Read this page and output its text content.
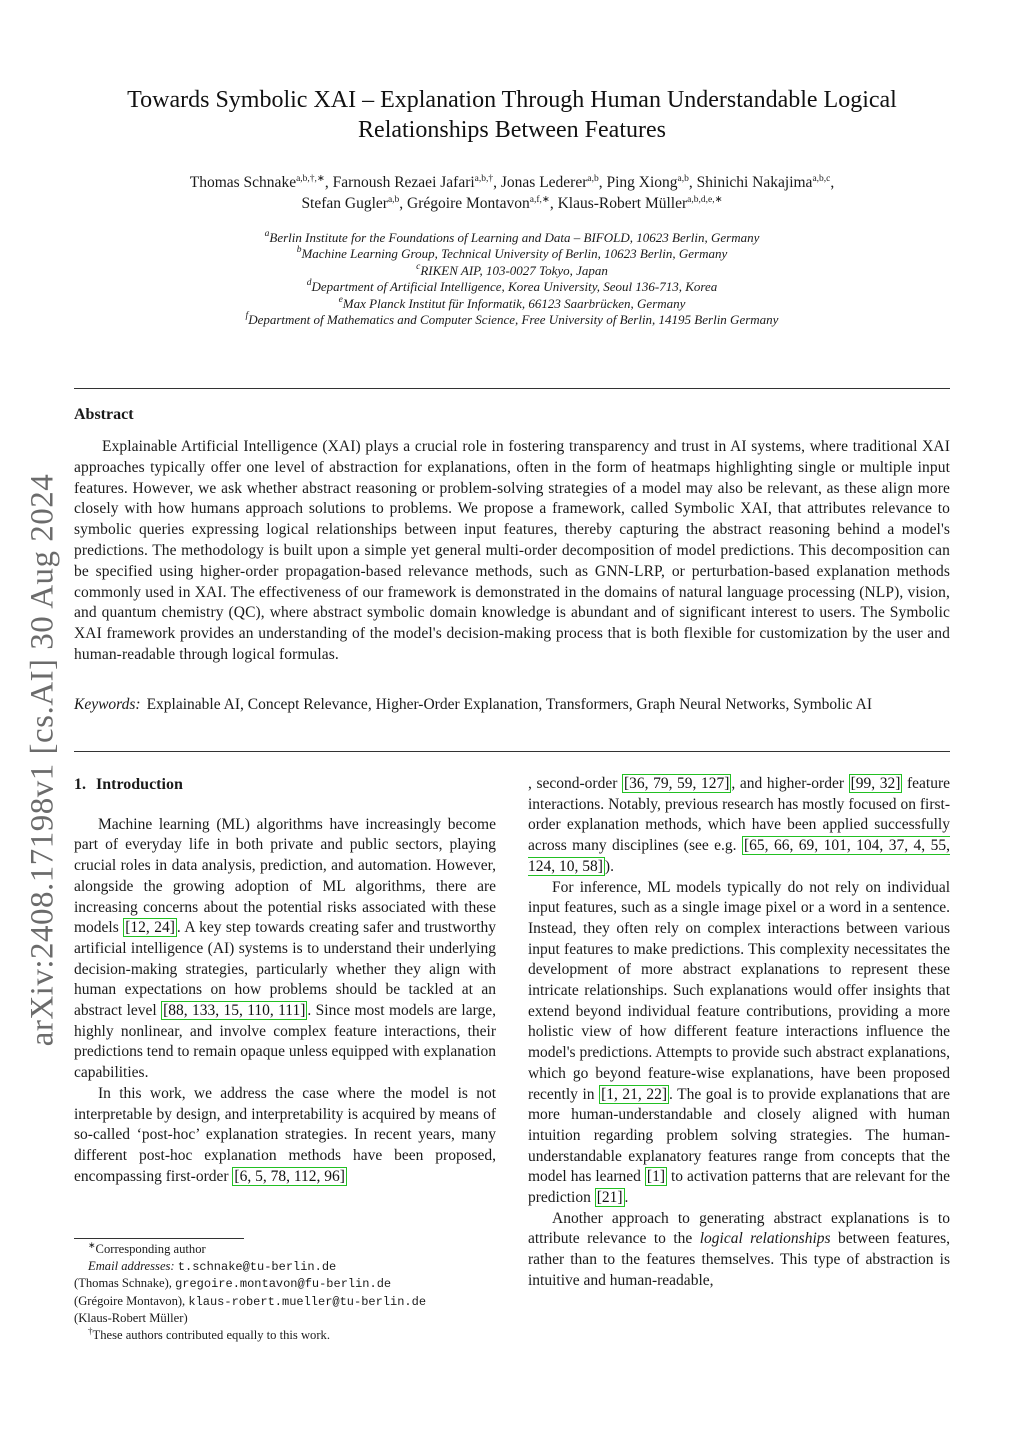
arXiv:2408.17198v1 [cs.AI] 30 Aug 2024
Towards Symbolic XAI – Explanation Through Human Understandable Logical
Relationships Between Features
Thomas Schnake$^{a,b,\dagger,∗}$, Farnoush Rezaei Jafari$^{a,b,\dagger}$, Jonas Lederer$^{a,b}$, Ping Xiong$^{a,b}$, Shinichi Nakajima$^{a,b,c}$,
Stefan Gugler$^{a,b}$, Grégoire Montavon$^{a,f,∗}$, Klaus-Robert Müller$^{a,b,d,e,∗}$
$^a$Berlin Institute for the Foundations of Learning and Data – BIFOLD, 10623 Berlin, Germany
$^b$Machine Learning Group, Technical University of Berlin, 10623 Berlin, Germany
$^c$RIKEN AIP, 103-0027 Tokyo, Japan
$^d$Department of Artificial Intelligence, Korea University, Seoul 136-713, Korea
$^e$Max Planck Institut für Informatik, 66123 Saarbrücken, Germany
$^f$Department of Mathematics and Computer Science, Free University of Berlin, 14195 Berlin Germany
Abstract

Explainable Artificial Intelligence (XAI) plays a crucial role in fostering transparency and trust in AI systems, where traditional XAI approaches typically offer one level of abstraction for explanations, often in the form of heatmaps highlighting single or multiple input features. However, we ask whether abstract reasoning or problem-solving strategies of a model may also be relevant, as these align more closely with how humans approach solutions to problems. We propose a framework, called Symbolic XAI, that attributes relevance to symbolic queries expressing logical relationships between input features, thereby capturing the abstract reasoning behind a model's predictions. The methodology is built upon a simple yet general multi-order decomposition of model predictions. This decomposition can be specified using higher-order propagation-based relevance methods, such as GNN-LRP, or perturbation-based explanation methods commonly used in XAI. The effectiveness of our framework is demonstrated in the domains of natural language processing (NLP), vision, and quantum chemistry (QC), where abstract symbolic domain knowledge is abundant and of significant interest to users. The Symbolic XAI framework provides an understanding of the model's decision-making process that is both flexible for customization by the user and human-readable through logical formulas.

Keywords: Explainable AI, Concept Relevance, Higher-Order Explanation, Transformers, Graph Neural Networks, Symbolic AI

1. Introduction

Machine learning (ML) algorithms have increasingly become part of everyday life in both private and public sectors, playing crucial roles in data analysis, prediction, and automation. However, alongside the growing adoption of ML algorithms, there are increasing concerns about the potential risks associated with these models [12, 24] . A key step towards creating safer and trustworthy artificial intelligence (AI) systems is to understand their underlying decision-making strategies, particularly whether they align with human expectations on how problems should be tackled at an abstract level [88, 133, 15, 110, 111] . Since most models are large, highly nonlinear, and involve complex feature interactions, their predictions tend to remain opaque unless equipped with explanation capabilities.

In this work, we address the case where the model is not interpretable by design, and interpretability is acquired by means of so-called ‘post-hoc’ explanation strategies. In recent years, many different post-hoc explanation methods have been proposed, encompassing first-order [6, 5, 78, 112, 96]

∗Corresponding author

Email addresses: t.schnake@tu-berlin.de

(Thomas Schnake), gregoire.montavon@fu-berlin.de

(Grégoire Montavon), klaus-robert.mueller@tu-berlin.de

(Klaus-Robert Müller)

†These authors contributed equally to this work.

, second-order [36, 79, 59, 127] , and higher-order [99, 32] feature interactions. Notably, previous research has mostly focused on first-order explanation methods, which have been applied successfully across many disciplines (see e.g. [65, 66, 69, 101, 104, 37, 4, 55, 124, 10, 58] ).

For inference, ML models typically do not rely on individual input features, such as a single image pixel or a word in a sentence. Instead, they often rely on complex interactions between various input features to make predictions. This complexity necessitates the development of more abstract explanations to represent these intricate relationships. Such explanations would offer insights that extend beyond individual feature contributions, providing a more holistic view of how different feature interactions influence the model's predictions. Attempts to provide such abstract explanations, which go beyond feature-wise explanations, have been proposed recently in [1, 21, 22] . The goal is to provide explanations that are more human-understandable and closely aligned with human intuition regarding problem solving strategies. The human-understandable explanatory features range from concepts that the model has learned [1] to activation patterns that are relevant for the prediction [21] .

Another approach to generating abstract explanations is to attribute relevance to the logical relationships between features, rather than to the features themselves. This type of abstraction is intuitive and human-readable,
